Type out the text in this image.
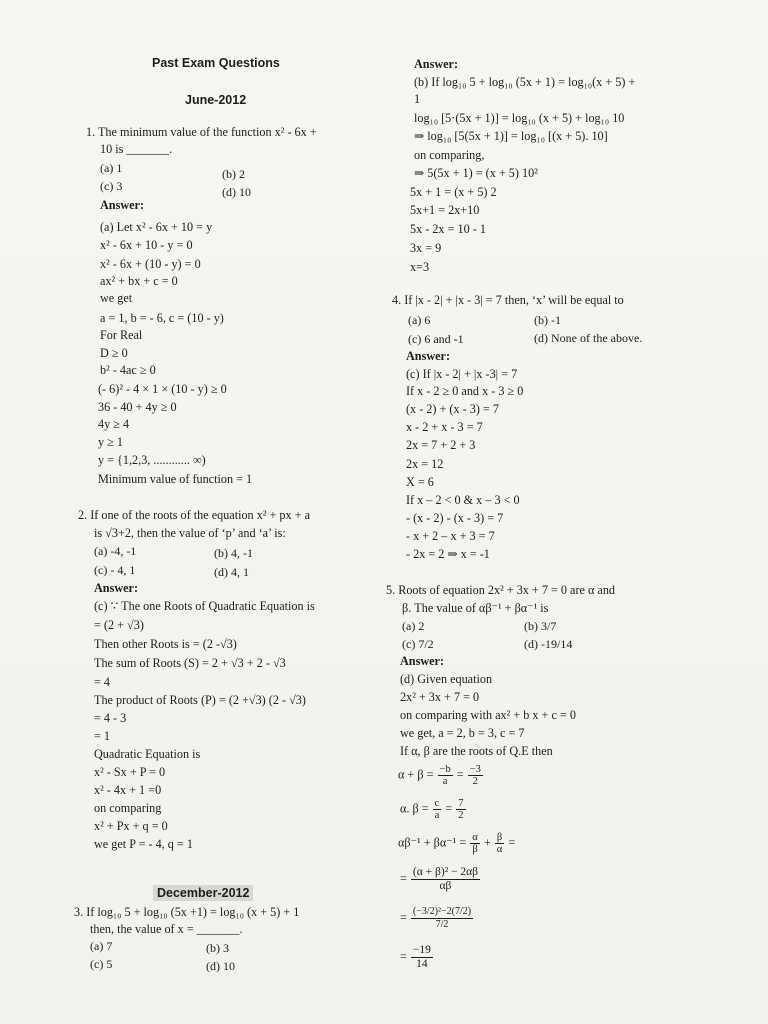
Past Exam Questions
June-2012
December-2012
$\alpha + \beta = \frac{-b}{a} = \frac{-3}{2}$
α. $\beta = \frac{c}{a} = \frac{7}{2}$
$\alpha\beta^{-1} + \beta\alpha^{-1} = \frac{\alpha}{\beta} + \frac{\beta}{\alpha}$ =
= $\frac{\text{(α + β)² − 2αβ}}{\alpha\beta}$
= $\frac{\text{(−3/2)²−2(7/2)}}{7/2}$
= $\frac{-19}{14}$
1. The minimum value of the function x² - 6x +
10 is _______.
(a) 1	(b) 2
(c) 3	(d) 10
Answer:
(a) Let x² - 6x + 10 = y
x² - 6x + 10 - y = 0
x² - 6x + (10 - y) = 0
ax² + bx + c = 0
we get
a = 1, b = - 6, c = (10 - y)
For Real
D ≥ 0
b² - 4ac ≥ 0
(- 6)² - 4 × 1 × (10 - y) ≥ 0
36 - 40 + 4y ≥ 0
4y ≥ 4
y ≥ 1
y = {1,2,3, ............ ∞)
Minimum value of function = 1
2. If one of the roots of the equation x² + px + a
is √3+2, then the value of ‘p’ and ‘a’ is:
(a) -4, -1	(b) 4, -1
(c) - 4, 1	(d) 4, 1
Answer:
(c) ∵ The one Roots of Quadratic Equation is
= (2 + √3)
Then other Roots is = (2 -√3)
The sum of Roots (S) = 2 + √3 + 2 - √3
= 4
The product of Roots (P) = (2 +√3) (2 - √3)
= 4 - 3
= 1
Quadratic Equation is
x² - Sx + P = 0
x² - 4x + 1 =0
on comparing
x² + Px + q = 0
we get P = - 4, q = 1
3. If log₁₀ 5 + log₁₀ (5x +1) = log₁₀ (x + 5) + 1
then, the value of x = _______.
(a) 7	(b) 3
(c) 5	(d) 10
Answer:
(b) If log₁₀ 5 + log₁₀ (5x + 1) = log₁₀(x + 5) +
1
log₁₀ [5·(5x + 1)] = log₁₀ (x + 5) + log₁₀ 10
⇒ log₁₀ [5(5x + 1)] = log₁₀ [(x + 5). 10]
on comparing,
⇒ 5(5x + 1) = (x + 5) 10²
5x + 1 = (x + 5) 2
5x+1 = 2x+10
5x - 2x = 10 - 1
3x = 9
x=3
4. If |x - 2| + |x - 3| = 7 then, ‘x’ will be equal to
(a) 6	(b) -1
(c) 6 and -1	(d) None of the above.
Answer:
(c) If |x - 2| + |x -3| = 7
If x - 2 ≥ 0 and x - 3 ≥ 0
(x - 2) + (x - 3) = 7
x - 2 + x - 3 = 7
2x = 7 + 2 + 3
2x = 12
X = 6
If x – 2 < 0 & x – 3 < 0
- (x - 2) - (x - 3) = 7
- x + 2 – x + 3 = 7
- 2x = 2 ⇒ x = -1
5. Roots of equation 2x² + 3x + 7 = 0 are α and
β. The value of αβ⁻¹ + βα⁻¹ is
(a) 2	(b) 3/7
(c) 7/2	(d) -19/14
Answer:
(d) Given equation
2x² + 3x + 7 = 0
on comparing with ax² + b x + c = 0
we get, a = 2, b = 3, c = 7
If α, β are the roots of Q.E then
